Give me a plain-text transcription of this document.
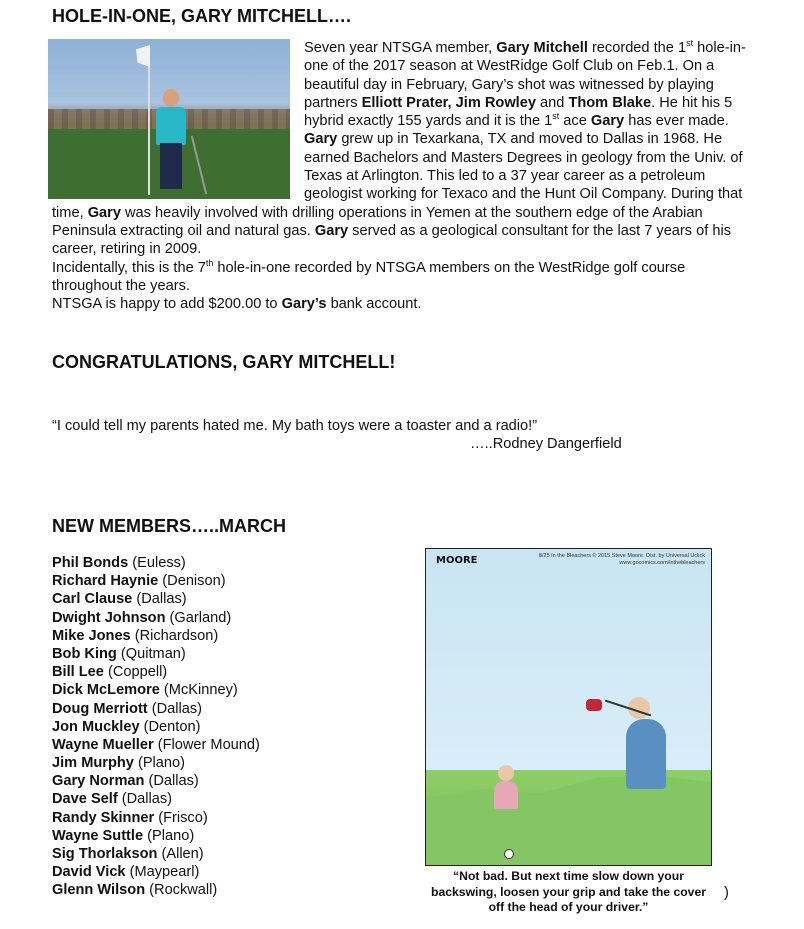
HOLE-IN-ONE, GARY MITCHELL….

Seven year NTSGA member, Gary Mitchell recorded the 1st hole-in-one of the 2017 season at WestRidge Golf Club on Feb.1. On a beautiful day in February, Gary’s shot was witnessed by playing partners Elliott Prater, Jim Rowley and Thom Blake. He hit his 5 hybrid exactly 155 yards and it is the 1st ace Gary has ever made.

Gary grew up in Texarkana, TX and moved to Dallas in 1968. He earned Bachelors and Masters Degrees in geology from the Univ. of Texas at Arlington. This led to a 37 year career as a petroleum geologist working for Texaco and the Hunt Oil Company. During that time, Gary was heavily involved with drilling operations in Yemen at the southern edge of the Arabian Peninsula extracting oil and natural gas. Gary served as a geological consultant for the last 7 years of his career, retiring in 2009.

Incidentally, this is the 7th hole-in-one recorded by NTSGA members on the WestRidge golf course throughout the years.

NTSGA is happy to add $200.00 to Gary’s bank account.

CONGRATULATIONS, GARY MITCHELL!

“I could tell my parents hated me. My bath toys were a toaster and a radio!”

…..Rodney Dangerfield

NEW MEMBERS…..MARCH
Phil Bonds (Euless)
Richard Haynie (Denison)
Carl Clause (Dallas)
Dwight Johnson (Garland)
Mike Jones (Richardson)
Bob King (Quitman)
Bill Lee (Coppell)
Dick McLemore (McKinney)
Doug Merriott (Dallas)
Jon Muckley (Denton)
Wayne Mueller (Flower Mound)
Jim Murphy (Plano)
Gary Norman (Dallas)
Dave Self (Dallas)
Randy Skinner (Frisco)
Wayne Suttle (Plano)
Sig Thorlakson (Allen)
David Vick (Maypearl)
Glenn Wilson (Rockwall)
MOORE	8/25 In the Bleachers © 2015 Steve Moore. Dist. by Universal Uclick
www.gocomics.com/inthebleachers

“Not bad. But next time slow down your backswing, loosen your grip and take the cover off the head of your driver.”

)
